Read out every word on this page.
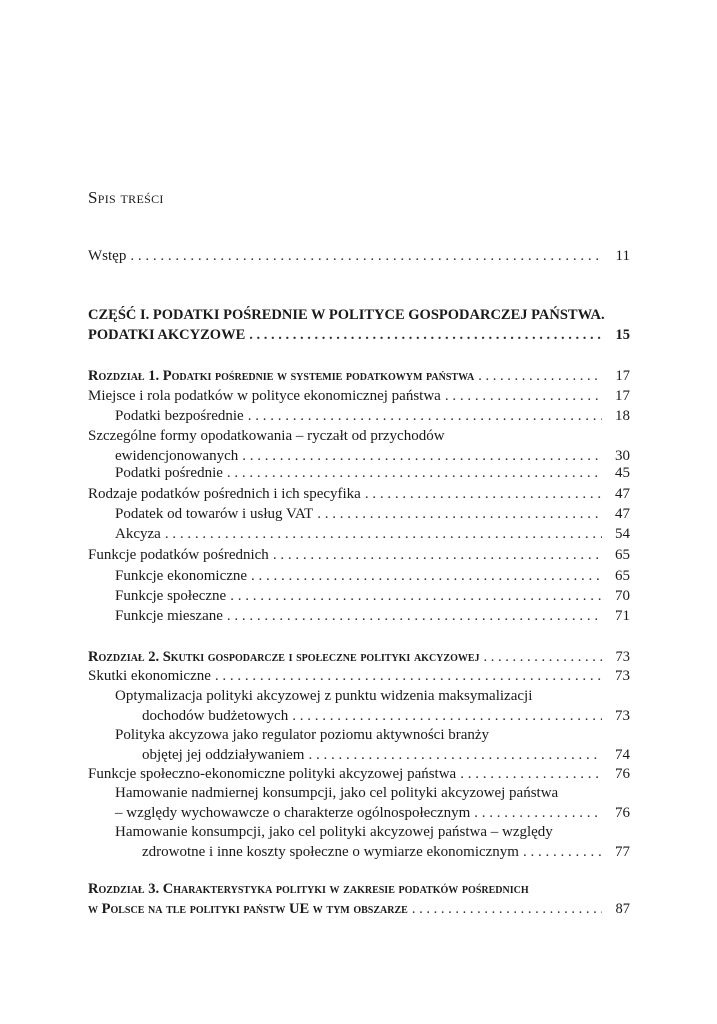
Spis treści
Wstęp . . .	11
CZĘŚĆ I. PODATKI POŚREDNIE W POLITYCE GOSPODARCZEJ PAŃSTWA.
PODATKI AKCYZOWE . . .	15
Rozdział 1. Podatki pośrednie w systemie podatkowym państwa . . .	17
Miejsce i rola podatków w polityce ekonomicznej państwa . . .	17
Podatki bezpośrednie . . .	18
Szczególne formy opodatkowania – ryczałt od przychodów
ewidencjonowanych . . .	30
Podatki pośrednie . . .	45
Rodzaje podatków pośrednich i ich specyfika . . .	47
Podatek od towarów i usług VAT . . .	47
Akcyza . . .	54
Funkcje podatków pośrednich . . .	65
Funkcje ekonomiczne . . .	65
Funkcje społeczne . . .	70
Funkcje mieszane . . .	71
Rozdział 2. Skutki gospodarcze i społeczne polityki akcyzowej . . .	73
Skutki ekonomiczne . . .	73
Optymalizacja polityki akcyzowej z punktu widzenia maksymalizacji
dochodów budżetowych . . .	73
Polityka akcyzowa jako regulator poziomu aktywności branży
objętej jej oddziaływaniem . . .	74
Funkcje społeczno-ekonomiczne polityki akcyzowej państwa . . .	76
Hamowanie nadmiernej konsumpcji, jako cel polityki akcyzowej państwa
– względy wychowawcze o charakterze ogólnospołecznym . . .	76
Hamowanie konsumpcji, jako cel polityki akcyzowej państwa – względy
zdrowotne i inne koszty społeczne o wymiarze ekonomicznym . . .	77
Rozdział 3. Charakterystyka polityki w zakresie podatków pośrednich
w Polsce na tle polityki państw UE w tym obszarze . . .	87
